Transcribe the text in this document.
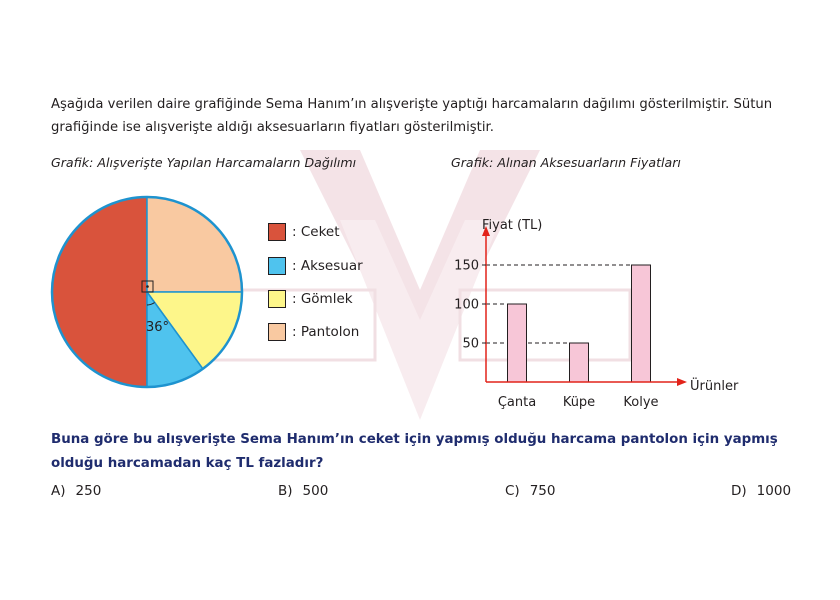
Aşağıda verilen daire grafiğinde Sema Hanım’ın alışverişte yaptığı harcamaların dağılımı gösterilmiştir. Sütun grafiğinde ise alışverişte aldığı aksesuarların fiyatları gösterilmiştir.
Grafik: Alışverişte Yapılan Harcamaların Dağılımı	Grafik: Alınan Aksesuarların Fiyatları
36°
: Ceket
: Aksesuar
: Gömlek
: Pantolon
Fiyat (TL)
Ürünler
50
100
150
Çanta Küpe Kolye
Buna göre bu alışverişte Sema Hanım’ın ceket için yapmış olduğu harcama pantolon için yapmış olduğu harcamadan kaç TL fazladır?
A) 250	B) 500	C) 750	D) 1000
